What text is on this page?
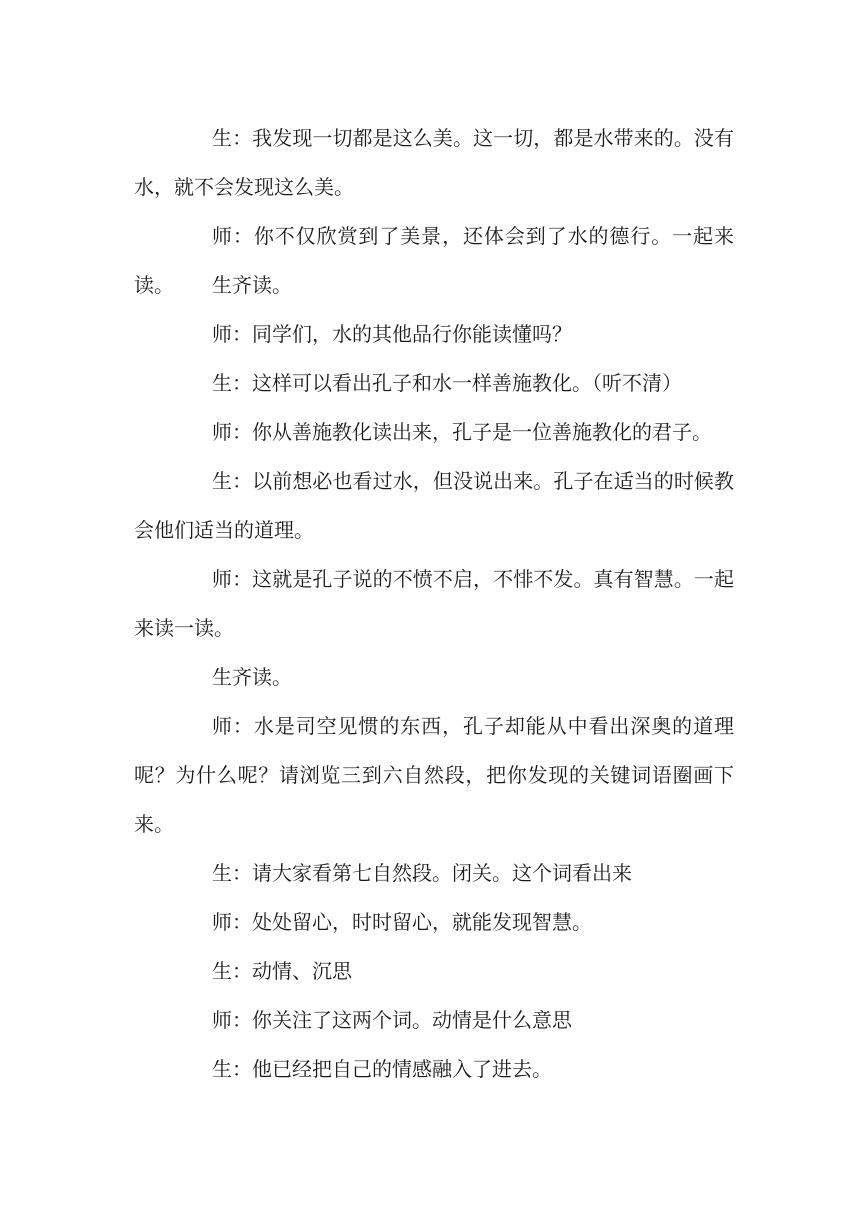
生：我发现一切都是这么美。这一切，都是水带来的。没有水，就不会发现这么美。

师：你不仅欣赏到了美景，还体会到了水的德行。一起来读。	生齐读。

师：同学们，水的其他品行你能读懂吗？

生：这样可以看出孔子和水一样善施教化。（听不清）

师：你从善施教化读出来，孔子是一位善施教化的君子。

生：以前想必也看过水，但没说出来。孔子在适当的时候教会他们适当的道理。

师：这就是孔子说的不愤不启，不悱不发。真有智慧。一起来读一读。

生齐读。

师：水是司空见惯的东西，孔子却能从中看出深奥的道理呢？为什么呢？请浏览三到六自然段，把你发现的关键词语圈画下来。

生：请大家看第七自然段。闭关。这个词看出来

师：处处留心，时时留心，就能发现智慧。

生：动情、沉思

师：你关注了这两个词。动情是什么意思

生：他已经把自己的情感融入了进去。
